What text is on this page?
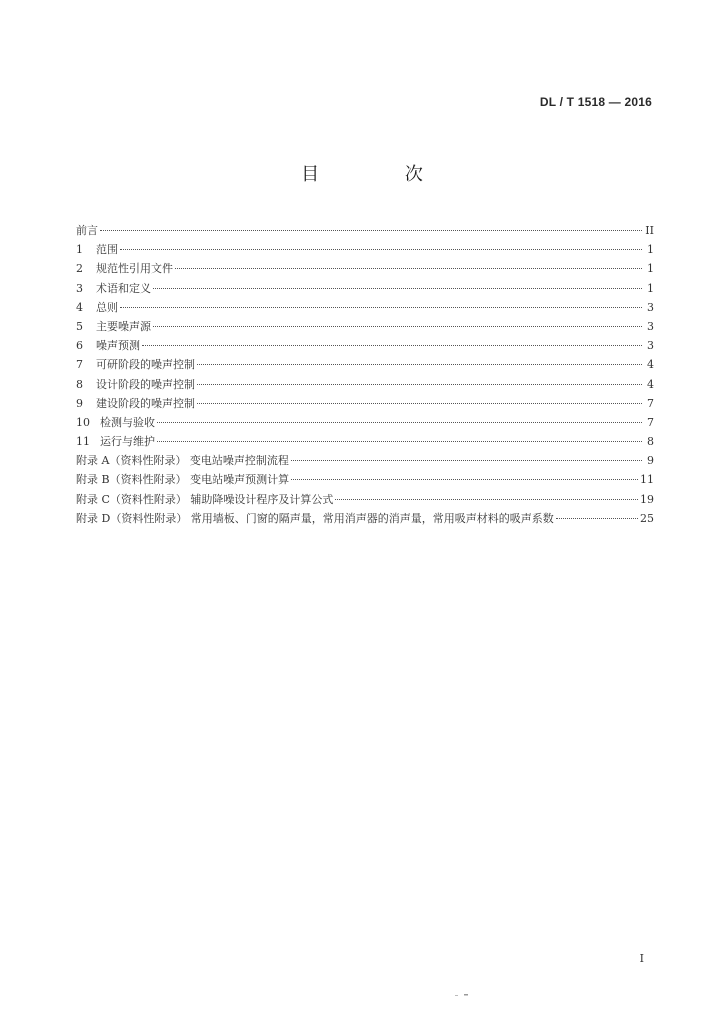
DL / T 1518 — 2016
目 次
前言	II
1	范围	1
2	规范性引用文件	1
3	术语和定义	1
4	总则	3
5	主要噪声源	3
6	噪声预测	3
7	可研阶段的噪声控制	4
8	设计阶段的噪声控制	4
9	建设阶段的噪声控制	7
10 检测与验收	7
11 运行与维护	8
附录 A（资料性附录） 变电站噪声控制流程	9
附录 B（资料性附录） 变电站噪声预测计算	11
附录 C（资料性附录） 辅助降噪设计程序及计算公式	19
附录 D（资料性附录） 常用墙板、门窗的隔声量，常用消声器的消声量，常用吸声材料的吸声系数	25
I
